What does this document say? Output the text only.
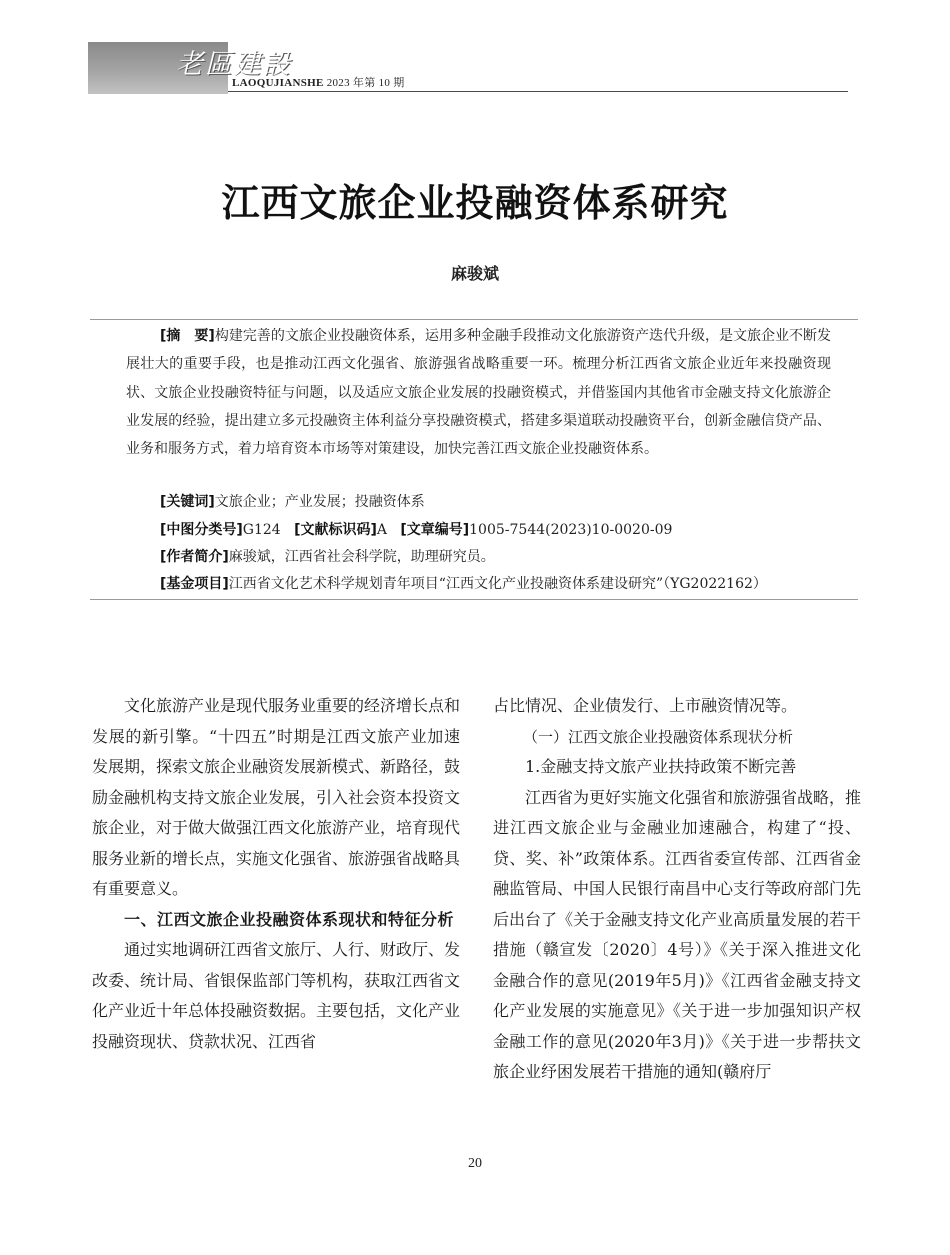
老區建設
LAOQUJIANSHE 2023 年第 10 期
江西文旅企业投融资体系研究
麻骏斌
[摘　要]构建完善的文旅企业投融资体系，运用多种金融手段推动文化旅游资产迭代升级，是文旅企业不断发展壮大的重要手段，也是推动江西文化强省、旅游强省战略重要一环。梳理分析江西省文旅企业近年来投融资现状、文旅企业投融资特征与问题，以及适应文旅企业发展的投融资模式，并借鉴国内其他省市金融支持文化旅游企业发展的经验，提出建立多元投融资主体利益分享投融资模式，搭建多渠道联动投融资平台，创新金融信贷产品、业务和服务方式，着力培育资本市场等对策建设，加快完善江西文旅企业投融资体系。
[关键词]文旅企业；产业发展；投融资体系
[中图分类号]G124 [文献标识码]A [文章编号]1005-7544(2023)10-0020-09
[作者简介]麻骏斌，江西省社会科学院，助理研究员。
[基金项目]江西省文化艺术科学规划青年项目“江西文化产业投融资体系建设研究”（YG2022162）

文化旅游产业是现代服务业重要的经济增长点和发展的新引擎。“十四五”时期是江西文旅产业加速发展期，探索文旅企业融资发展新模式、新路径，鼓励金融机构支持文旅企业发展，引入社会资本投资文旅企业，对于做大做强江西文化旅游产业，培育现代服务业新的增长点，实施文化强省、旅游强省战略具有重要意义。

一、江西文旅企业投融资体系现状和特征分析

通过实地调研江西省文旅厅、人行、财政厅、发改委、统计局、省银保监部门等机构，获取江西省文化产业近十年总体投融资数据。主要包括，文化产业投融资现状、贷款状况、江西省

占比情况、企业债发行、上市融资情况等。

（一）江西文旅企业投融资体系现状分析

1.金融支持文旅产业扶持政策不断完善

江西省为更好实施文化强省和旅游强省战略，推进江西文旅企业与金融业加速融合，构建了“投、贷、奖、补”政策体系。江西省委宣传部、江西省金融监管局、中国人民银行南昌中心支行等政府部门先后出台了《关于金融支持文化产业高质量发展的若干措施（赣宣发〔2020〕4号）》《关于深入推进文化金融合作的意见(2019年5月)》《江西省金融支持文化产业发展的实施意见》《关于进一步加强知识产权金融工作的意见(2020年3月)》《关于进一步帮扶文旅企业纾困发展若干措施的通知(赣府厅

20
